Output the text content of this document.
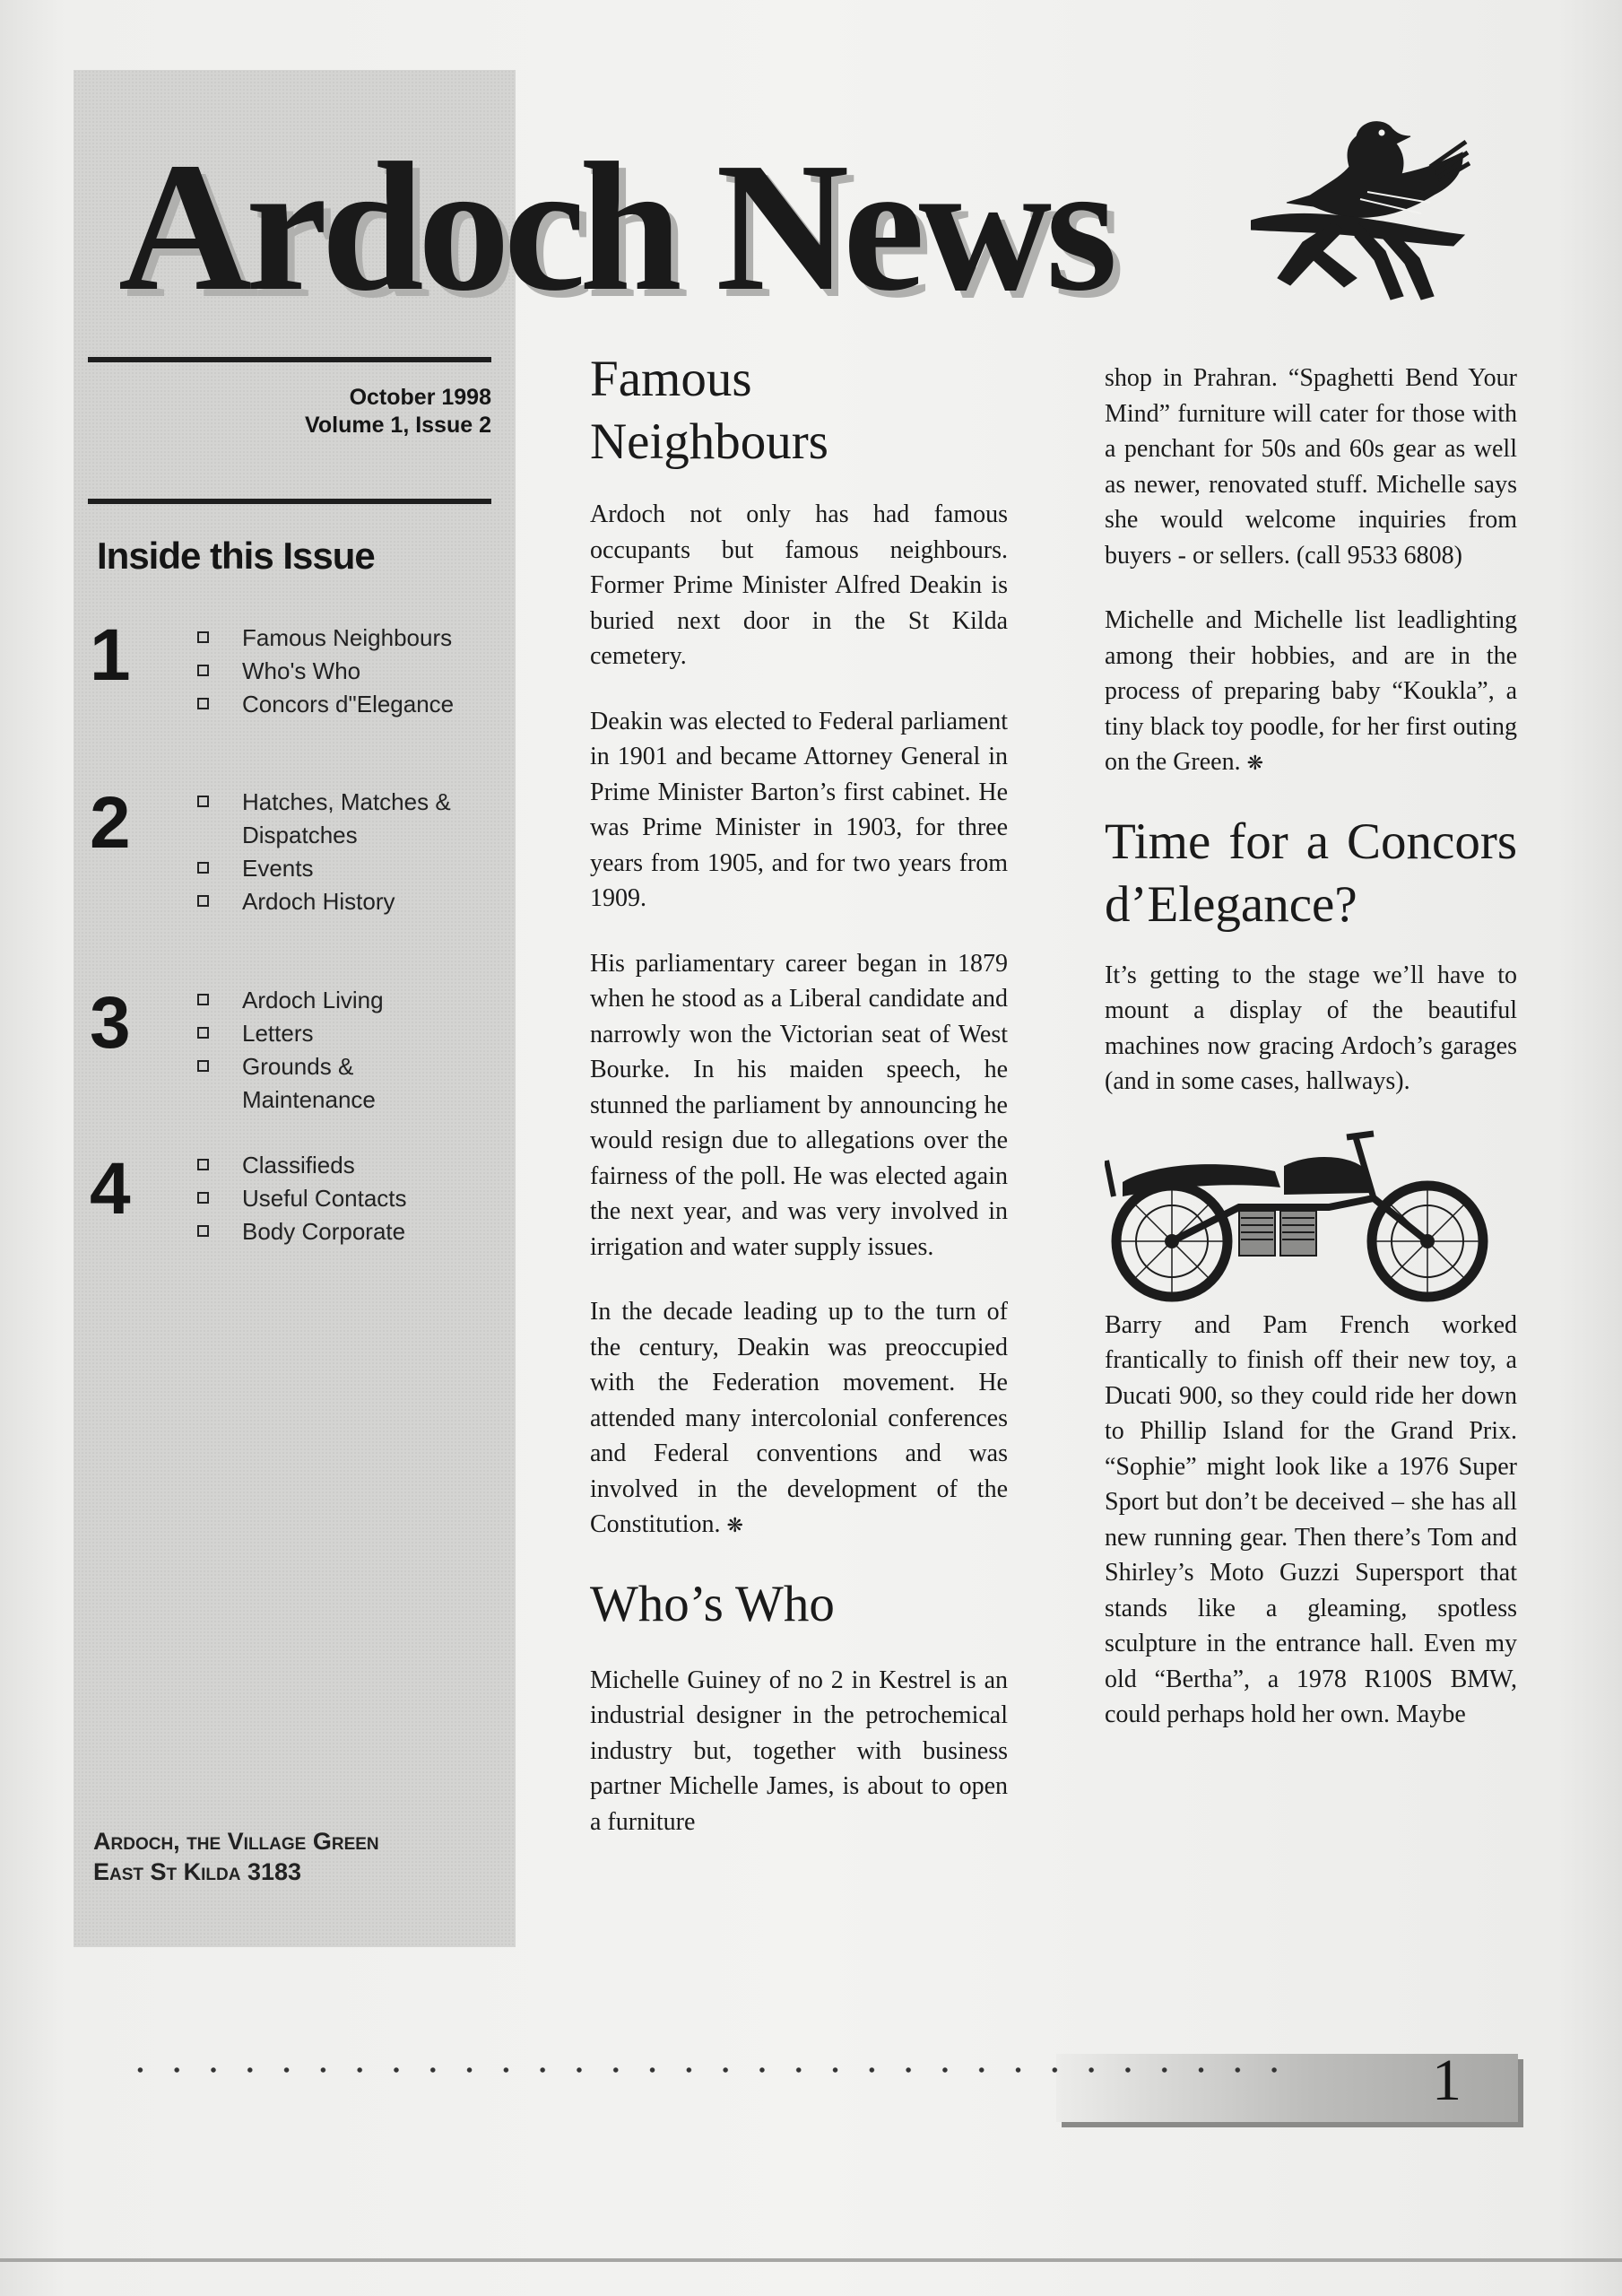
Ardoch News
October 1998
Volume 1, Issue 2
Inside this Issue
1	Famous Neighbours
Who's Who
Concors d"Elegance
2	Hatches, Matches & Dispatches
Events
Ardoch History
3	Ardoch Living
Letters
Grounds & Maintenance
4	Classifieds
Useful Contacts
Body Corporate
Ardoch, the Village Green
East St Kilda 3183
Famous Neighbours

Ardoch not only has had famous occupants but famous neighbours. Former Prime Minister Alfred Deakin is buried next door in the St Kilda cemetery.

Deakin was elected to Federal parliament in 1901 and became Attorney General in Prime Minister Barton’s first cabinet. He was Prime Minister in 1903, for three years from 1905, and for two years from 1909.

His parliamentary career began in 1879 when he stood as a Liberal candidate and narrowly won the Victorian seat of West Bourke. In his maiden speech, he stunned the parliament by announcing he would resign due to allegations over the fairness of the poll. He was elected again the next year, and was very involved in irrigation and water supply issues.

In the decade leading up to the turn of the century, Deakin was preoccupied with the Federation movement. He attended many intercolonial conferences and Federal conventions and was involved in the development of the Constitution. ❋

Who’s Who

Michelle Guiney of no 2 in Kestrel is an industrial designer in the petrochemical industry but, together with business partner Michelle James, is about to open a furniture

shop in Prahran. “Spaghetti Bend Your Mind” furniture will cater for those with a penchant for 50s and 60s gear as well as newer, renovated stuff. Michelle says she would welcome inquiries from buyers - or sellers. (call 9533 6808)

Michelle and Michelle list leadlighting among their hobbies, and are in the process of preparing baby “Koukla”, a tiny black toy poodle, for her first outing on the Green. ❋

Time for a Concors d’Elegance?

It’s getting to the stage we’ll have to mount a display of the beautiful machines now gracing Ardoch’s garages (and in some cases, hallways).

Barry and Pam French worked frantically to finish off their new toy, a Ducati 900, so they could ride her down to Phillip Island for the Grand Prix. “Sophie” might look like a 1976 Super Sport but don’t be deceived – she has all new running gear. Then there’s Tom and Shirley’s Moto Guzzi Supersport that stands like a gleaming, spotless sculpture in the entrance hall. Even my old “Bertha”, a 1978 R100S BMW, could perhaps hold her own. Maybe

1
